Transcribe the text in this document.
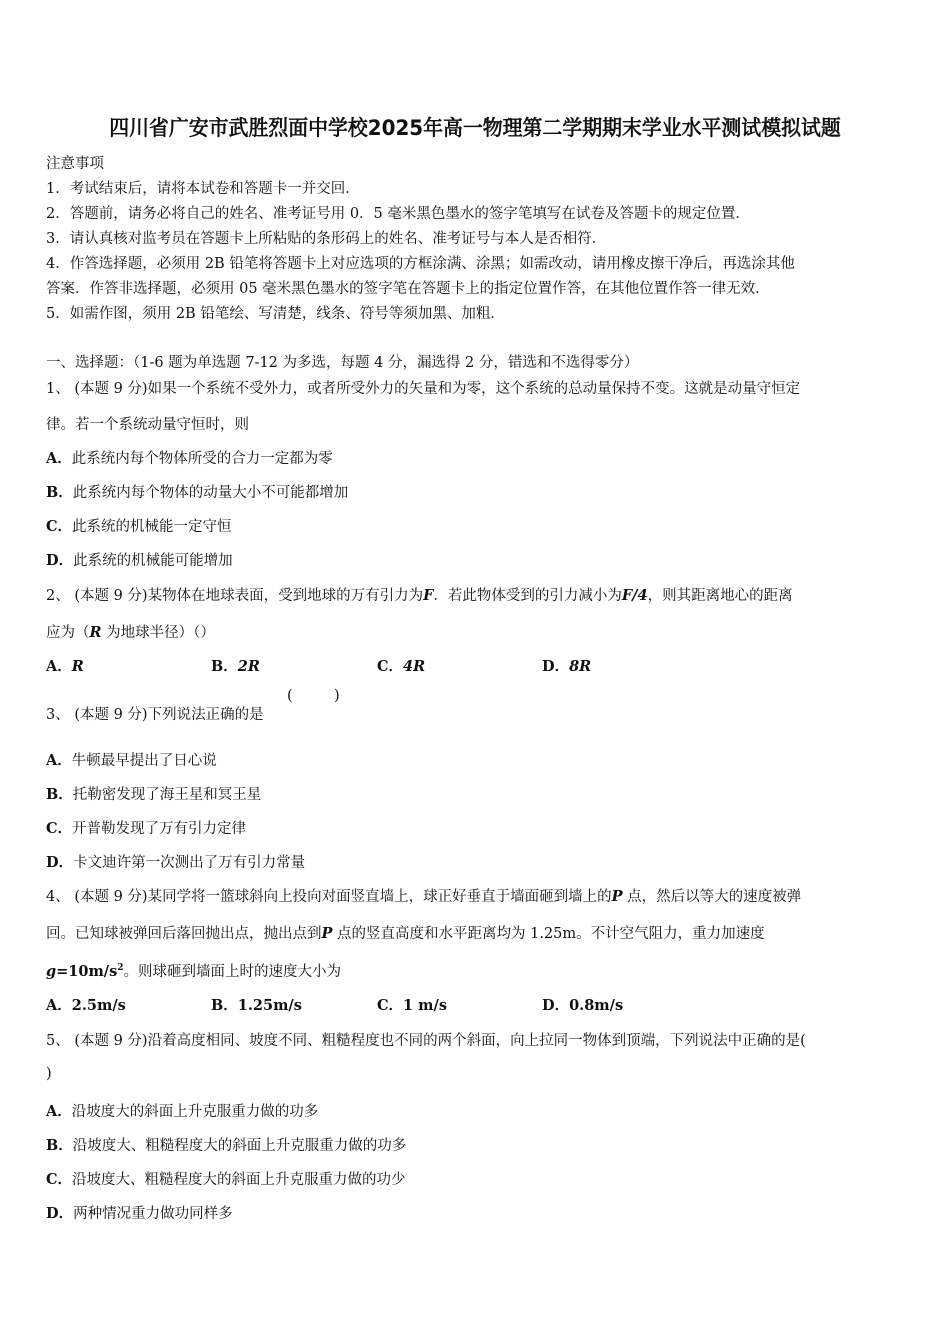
四川省广安市武胜烈面中学校2025年高一物理第二学期期末学业水平测试模拟试题
注意事项
1．考试结束后，请将本试卷和答题卡一并交回．
2．答题前，请务必将自己的姓名、准考证号用 0．5 毫米黑色墨水的签字笔填写在试卷及答题卡的规定位置．
3．请认真核对监考员在答题卡上所粘贴的条形码上的姓名、准考证号与本人是否相符．
4．作答选择题，必须用 2B 铅笔将答题卡上对应选项的方框涂满、涂黑；如需改动，请用橡皮擦干净后，再选涂其他
答案．作答非选择题，必须用 05 毫米黑色墨水的签字笔在答题卡上的指定位置作答，在其他位置作答一律无效．
5．如需作图，须用 2B 铅笔绘、写清楚，线条、符号等须加黑、加粗．
一、选择题：（1-6 题为单选题 7-12 为多选，每题 4 分，漏选得 2 分，错选和不选得零分）
1、 (本题 9 分)如果一个系统不受外力，或者所受外力的矢量和为零，这个系统的总动量保持不变。这就是动量守恒定
律。若一个系统动量守恒时，则
A．此系统内每个物体所受的合力一定都为零
B．此系统内每个物体的动量大小不可能都增加
C．此系统的机械能一定守恒
D．此系统的机械能可能增加
2、 (本题 9 分)某物体在地球表面，受到地球的万有引力为F．若此物体受到的引力减小为F/4，则其距离地心的距离
应为（R 为地球半径）（）
A．R	B．2R	C．4R	D．8R
3、 (本题 9 分)下列说法正确的是
(	)
A．牛顿最早提出了日心说
B．托勒密发现了海王星和冥王星
C．开普勒发现了万有引力定律
D．卡文迪许第一次测出了万有引力常量
4、 (本题 9 分)某同学将一篮球斜向上投向对面竖直墙上，球正好垂直于墙面砸到墙上的P 点，然后以等大的速度被弹
回。已知球被弹回后落回抛出点，抛出点到P 点的竖直高度和水平距离均为 1.25m。不计空气阻力，重力加速度
$g=10m/s^2$。则球砸到墙面上时的速度大小为
A．2.5m/s	B．1.25m/s	C．1 m/s	D．0.8m/s
5、 (本题 9 分)沿着高度相同、坡度不同、粗糙程度也不同的两个斜面，向上拉同一物体到顶端，下列说法中正确的是(
)
A．沿坡度大的斜面上升克服重力做的功多
B．沿坡度大、粗糙程度大的斜面上升克服重力做的功多
C．沿坡度大、粗糙程度大的斜面上升克服重力做的功少
D．两种情况重力做功同样多
